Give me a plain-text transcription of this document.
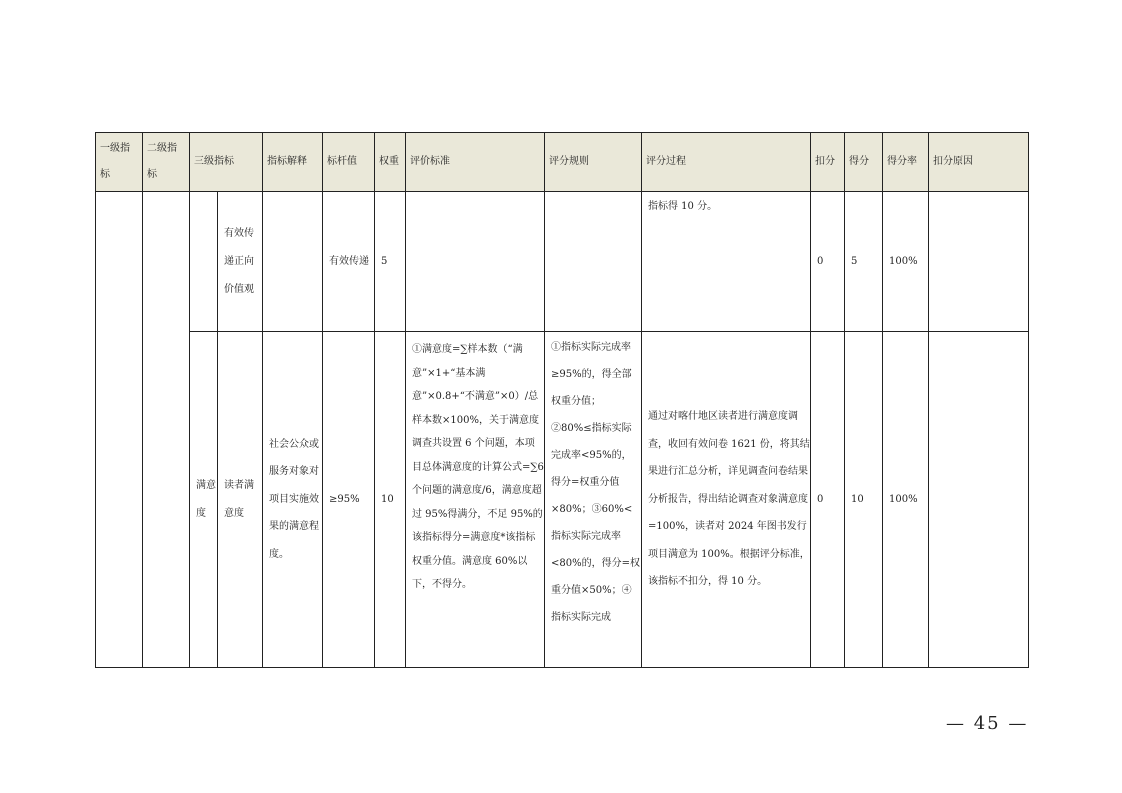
一级指标	二级指标	三级指标		指标解释	标杆值	权重	评价标准	评分规则	评分过程	扣分	得分	得分率	扣分原因
			有效传递正向价值观		有效传递	5			指标得 10 分。	0	5	100%	
		满意度	读者满意度	社会公众或服务对象对项目实施效果的满意程度。	≥95%	10	①满意度=∑样本数（“满意”×1+“基本满意”×0.8+“不满意”×0）/总样本数×100%，关于满意度调查共设置 6 个问题，本项目总体满意度的计算公式=∑6 个问题的满意度/6，满意度超过 95%得满分，不足 95%的该指标得分=满意度*该指标权重分值。满意度 60%以下，不得分。	①指标实际完成率≥95%的，得全部权重分值；②80%≤指标实际完成率<95%的，得分=权重分值×80%；③60%<指标实际完成率<80%的，得分=权重分值×50%；④指标实际完成	通过对喀什地区读者进行满意度调查，收回有效问卷 1621 份，将其结果进行汇总分析，详见调查问卷结果分析报告，得出结论调查对象满意度=100%，读者对 2024 年图书发行项目满意为 100%。根据评分标准，该指标不扣分，得 10 分。	0	10	100%	
— 45 —
